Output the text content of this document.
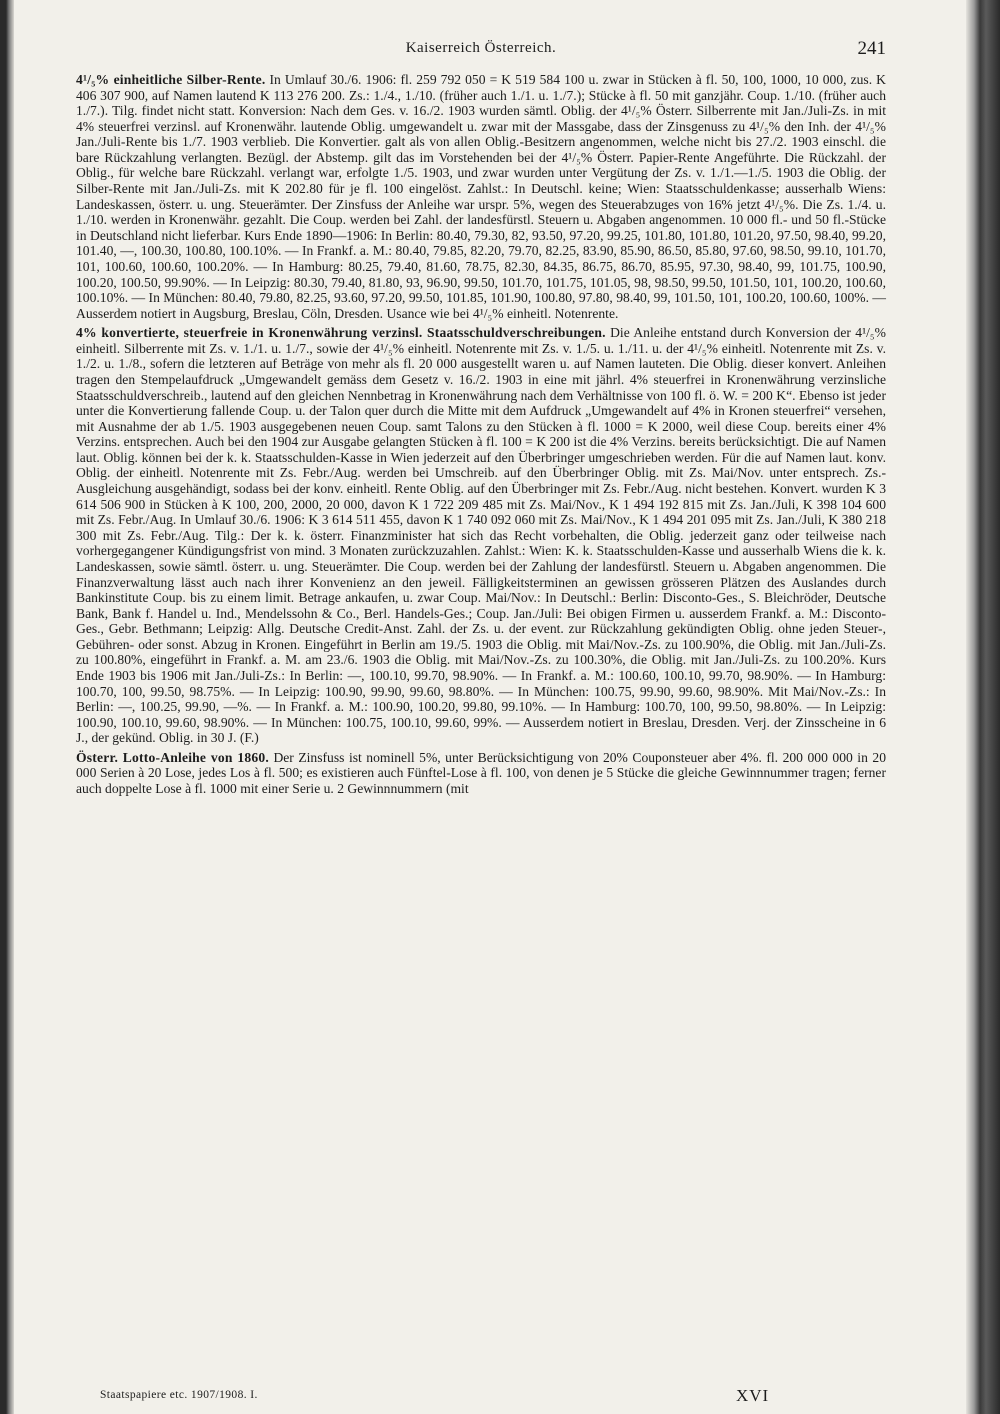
Kaiserreich Österreich.	241

4¹/₅% einheitliche Silber-Rente. In Umlauf 30./6. 1906: fl. 259 792 050 = K 519 584 100 u. zwar in Stücken à fl. 50, 100, 1000, 10 000, zus. K 406 307 900, auf Namen lautend K 113 276 200. Zs.: 1./4., 1./10. (früher auch 1./1. u. 1./7.); Stücke à fl. 50 mit ganzjähr. Coup. 1./10. (früher auch 1./7.). Tilg. findet nicht statt. Konversion: Nach dem Ges. v. 16./2. 1903 wurden sämtl. Oblig. der 4¹/₅% Österr. Silberrente mit Jan./Juli-Zs. in mit 4% steuerfrei verzinsl. auf Kronenwähr. lautende Oblig. umgewandelt u. zwar mit der Massgabe, dass der Zinsgenuss zu 4¹/₅% den Inh. der 4¹/₅% Jan./Juli-Rente bis 1./7. 1903 verblieb. Die Konvertier. galt als von allen Oblig.-Besitzern angenommen, welche nicht bis 27./2. 1903 einschl. die bare Rückzahlung verlangten. Bezügl. der Abstemp. gilt das im Vorstehenden bei der 4¹/₅% Österr. Papier-Rente Angeführte. Die Rückzahl. der Oblig., für welche bare Rückzahl. verlangt war, erfolgte 1./5. 1903, und zwar wurden unter Vergütung der Zs. v. 1./1.—1./5. 1903 die Oblig. der Silber-Rente mit Jan./Juli-Zs. mit K 202.80 für je fl. 100 eingelöst. Zahlst.: In Deutschl. keine; Wien: Staatsschuldenkasse; ausserhalb Wiens: Landeskassen, österr. u. ung. Steuerämter. Der Zinsfuss der Anleihe war urspr. 5%, wegen des Steuerabzuges von 16% jetzt 4¹/₅%. Die Zs. 1./4. u. 1./10. werden in Kronenwähr. gezahlt. Die Coup. werden bei Zahl. der landesfürstl. Steuern u. Abgaben angenommen. 10 000 fl.- und 50 fl.-Stücke in Deutschland nicht lieferbar. Kurs Ende 1890—1906: In Berlin: 80.40, 79.30, 82, 93.50, 97.20, 99.25, 101.80, 101.80, 101.20, 97.50, 98.40, 99.20, 101.40, —, 100.30, 100.80, 100.10%. — In Frankf. a. M.: 80.40, 79.85, 82.20, 79.70, 82.25, 83.90, 85.90, 86.50, 85.80, 97.60, 98.50, 99.10, 101.70, 101, 100.60, 100.60, 100.20%. — In Hamburg: 80.25, 79.40, 81.60, 78.75, 82.30, 84.35, 86.75, 86.70, 85.95, 97.30, 98.40, 99, 101.75, 100.90, 100.20, 100.50, 99.90%. — In Leipzig: 80.30, 79.40, 81.80, 93, 96.90, 99.50, 101.70, 101.75, 101.05, 98, 98.50, 99.50, 101.50, 101, 100.20, 100.60, 100.10%. — In München: 80.40, 79.80, 82.25, 93.60, 97.20, 99.50, 101.85, 101.90, 100.80, 97.80, 98.40, 99, 101.50, 101, 100.20, 100.60, 100%. — Ausserdem notiert in Augsburg, Breslau, Cöln, Dresden. Usance wie bei 4¹/₅% einheitl. Notenrente.

4% konvertierte, steuerfreie in Kronenwährung verzinsl. Staatsschuldverschreibungen. Die Anleihe entstand durch Konversion der 4¹/₅% einheitl. Silberrente mit Zs. v. 1./1. u. 1./7., sowie der 4¹/₅% einheitl. Notenrente mit Zs. v. 1./5. u. 1./11. u. der 4¹/₅% einheitl. Notenrente mit Zs. v. 1./2. u. 1./8., sofern die letzteren auf Beträge von mehr als fl. 20 000 ausgestellt waren u. auf Namen lauteten. Die Oblig. dieser konvert. Anleihen tragen den Stempelaufdruck „Umgewandelt gemäss dem Gesetz v. 16./2. 1903 in eine mit jährl. 4% steuerfrei in Kronenwährung verzinsliche Staatsschuldverschreib., lautend auf den gleichen Nennbetrag in Kronenwährung nach dem Verhältnisse von 100 fl. ö. W. = 200 K“. Ebenso ist jeder unter die Konvertierung fallende Coup. u. der Talon quer durch die Mitte mit dem Aufdruck „Umgewandelt auf 4% in Kronen steuerfrei“ versehen, mit Ausnahme der ab 1./5. 1903 ausgegebenen neuen Coup. samt Talons zu den Stücken à fl. 1000 = K 2000, weil diese Coup. bereits einer 4% Verzins. entsprechen. Auch bei den 1904 zur Ausgabe gelangten Stücken à fl. 100 = K 200 ist die 4% Verzins. bereits berücksichtigt. Die auf Namen laut. Oblig. können bei der k. k. Staatsschulden-Kasse in Wien jederzeit auf den Überbringer umgeschrieben werden. Für die auf Namen laut. konv. Oblig. der einheitl. Notenrente mit Zs. Febr./Aug. werden bei Umschreib. auf den Überbringer Oblig. mit Zs. Mai/Nov. unter entsprech. Zs.-Ausgleichung ausgehändigt, sodass bei der konv. einheitl. Rente Oblig. auf den Überbringer mit Zs. Febr./Aug. nicht bestehen. Konvert. wurden K 3 614 506 900 in Stücken à K 100, 200, 2000, 20 000, davon K 1 722 209 485 mit Zs. Mai/Nov., K 1 494 192 815 mit Zs. Jan./Juli, K 398 104 600 mit Zs. Febr./Aug. In Umlauf 30./6. 1906: K 3 614 511 455, davon K 1 740 092 060 mit Zs. Mai/Nov., K 1 494 201 095 mit Zs. Jan./Juli, K 380 218 300 mit Zs. Febr./Aug. Tilg.: Der k. k. österr. Finanzminister hat sich das Recht vorbehalten, die Oblig. jederzeit ganz oder teilweise nach vorhergegangener Kündigungsfrist von mind. 3 Monaten zurückzuzahlen. Zahlst.: Wien: K. k. Staatsschulden-Kasse und ausserhalb Wiens die k. k. Landeskassen, sowie sämtl. österr. u. ung. Steuerämter. Die Coup. werden bei der Zahlung der landesfürstl. Steuern u. Abgaben angenommen. Die Finanzverwaltung lässt auch nach ihrer Konvenienz an den jeweil. Fälligkeitsterminen an gewissen grösseren Plätzen des Auslandes durch Bankinstitute Coup. bis zu einem limit. Betrage ankaufen, u. zwar Coup. Mai/Nov.: In Deutschl.: Berlin: Disconto-Ges., S. Bleichröder, Deutsche Bank, Bank f. Handel u. Ind., Mendelssohn & Co., Berl. Handels-Ges.; Coup. Jan./Juli: Bei obigen Firmen u. ausserdem Frankf. a. M.: Disconto-Ges., Gebr. Bethmann; Leipzig: Allg. Deutsche Credit-Anst. Zahl. der Zs. u. der event. zur Rückzahlung gekündigten Oblig. ohne jeden Steuer-, Gebühren- oder sonst. Abzug in Kronen. Eingeführt in Berlin am 19./5. 1903 die Oblig. mit Mai/Nov.-Zs. zu 100.90%, die Oblig. mit Jan./Juli-Zs. zu 100.80%, eingeführt in Frankf. a. M. am 23./6. 1903 die Oblig. mit Mai/Nov.-Zs. zu 100.30%, die Oblig. mit Jan./Juli-Zs. zu 100.20%. Kurs Ende 1903 bis 1906 mit Jan./Juli-Zs.: In Berlin: —, 100.10, 99.70, 98.90%. — In Frankf. a. M.: 100.60, 100.10, 99.70, 98.90%. — In Hamburg: 100.70, 100, 99.50, 98.75%. — In Leipzig: 100.90, 99.90, 99.60, 98.80%. — In München: 100.75, 99.90, 99.60, 98.90%. Mit Mai/Nov.-Zs.: In Berlin: —, 100.25, 99.90, —%. — In Frankf. a. M.: 100.90, 100.20, 99.80, 99.10%. — In Hamburg: 100.70, 100, 99.50, 98.80%. — In Leipzig: 100.90, 100.10, 99.60, 98.90%. — In München: 100.75, 100.10, 99.60, 99%. — Ausserdem notiert in Breslau, Dresden. Verj. der Zinsscheine in 6 J., der gekünd. Oblig. in 30 J. (F.)

Österr. Lotto-Anleihe von 1860. Der Zinsfuss ist nominell 5%, unter Berücksichtigung von 20% Couponsteuer aber 4%. fl. 200 000 000 in 20 000 Serien à 20 Lose, jedes Los à fl. 500; es existieren auch Fünftel-Lose à fl. 100, von denen je 5 Stücke die gleiche Gewinnnummer tragen; ferner auch doppelte Lose à fl. 1000 mit einer Serie u. 2 Gewinnnummern (mit

Staatspapiere etc. 1907/1908. I.	XVI
